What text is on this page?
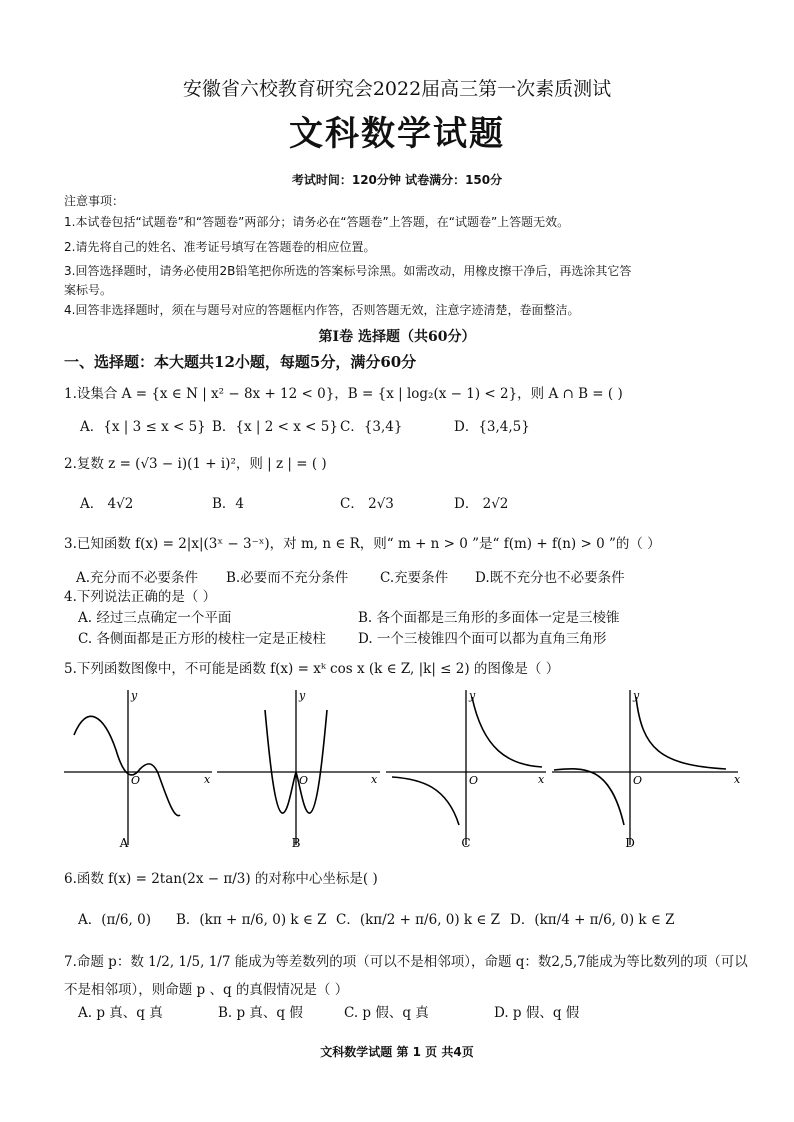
安徽省六校教育研究会2022届高三第一次素质测试
文科数学试题
考试时间：120分钟 试卷满分：150分
注意事项：
1.本试卷包括“试题卷”和“答题卷”两部分；请务必在“答题卷”上答题，在“试题卷”上答题无效。
2.请先将自己的姓名、准考证号填写在答题卷的相应位置。
3.回答选择题时，请务必使用2B铅笔把你所选的答案标号涂黑。如需改动，用橡皮擦干净后，再选涂其它答
案标号。
4.回答非选择题时，须在与题号对应的答题框内作答，否则答题无效，注意字迹清楚，卷面整洁。
第Ⅰ卷 选择题（共60分）
一、选择题：本大题共12小题，每题5分，满分60分
1.设集合 A = {x ∈ N | x² − 8x + 12 < 0}，B = {x | log₂(x − 1) < 2}，则 A ∩ B = ( )
A．{x | 3 ≤ x < 5} B．{x | 2 < x < 5} C．{3,4}	D．{3,4,5}
2.复数 z = (√3 − i)(1 + i)²，则 | z | = ( )
A． 4√2	B．4	C． 2√3	D． 2√2
3.已知函数 f(x) = 2|x|(3ˣ − 3⁻ˣ)，对 m, n ∈ R，则“ m + n > 0 ”是“ f(m) + f(n) > 0 ”的（ ）
A.充分而不必要条件 B.必要而不充分条件 C.充要条件 D.既不充分也不必要条件
4.下列说法正确的是（ ）
A. 经过三点确定一个平面	B. 各个面都是三角形的多面体一定是三棱锥
C. 各侧面都是正方形的棱柱一定是正棱柱 D. 一个三棱锥四个面可以都为直角三角形
5.下列函数图像中，不可能是函数 f(x) = xᵏ cos x (k ∈ Z, |k| ≤ 2) 的图像是（ ）
y
x
O
y
x
O
y
x
O
y
x
O
A	B	C	D
6.函数 f(x) = 2tan(2x − π/3) 的对称中心坐标是( )
A．(π/6, 0) B．(kπ + π/6, 0) k ∈ Z C．(kπ/2 + π/6, 0) k ∈ Z D．(kπ/4 + π/6, 0) k ∈ Z
7.命题 p：数 1/2, 1/5, 1/7 能成为等差数列的项（可以不是相邻项），命题 q：数2,5,7能成为等比数列的项（可以
不是相邻项），则命题 p 、q 的真假情况是（ ）
A. p 真、q 真	B. p 真、q 假	C. p 假、q 真	D. p 假、q 假
文科数学试题 第 1 页 共4页
